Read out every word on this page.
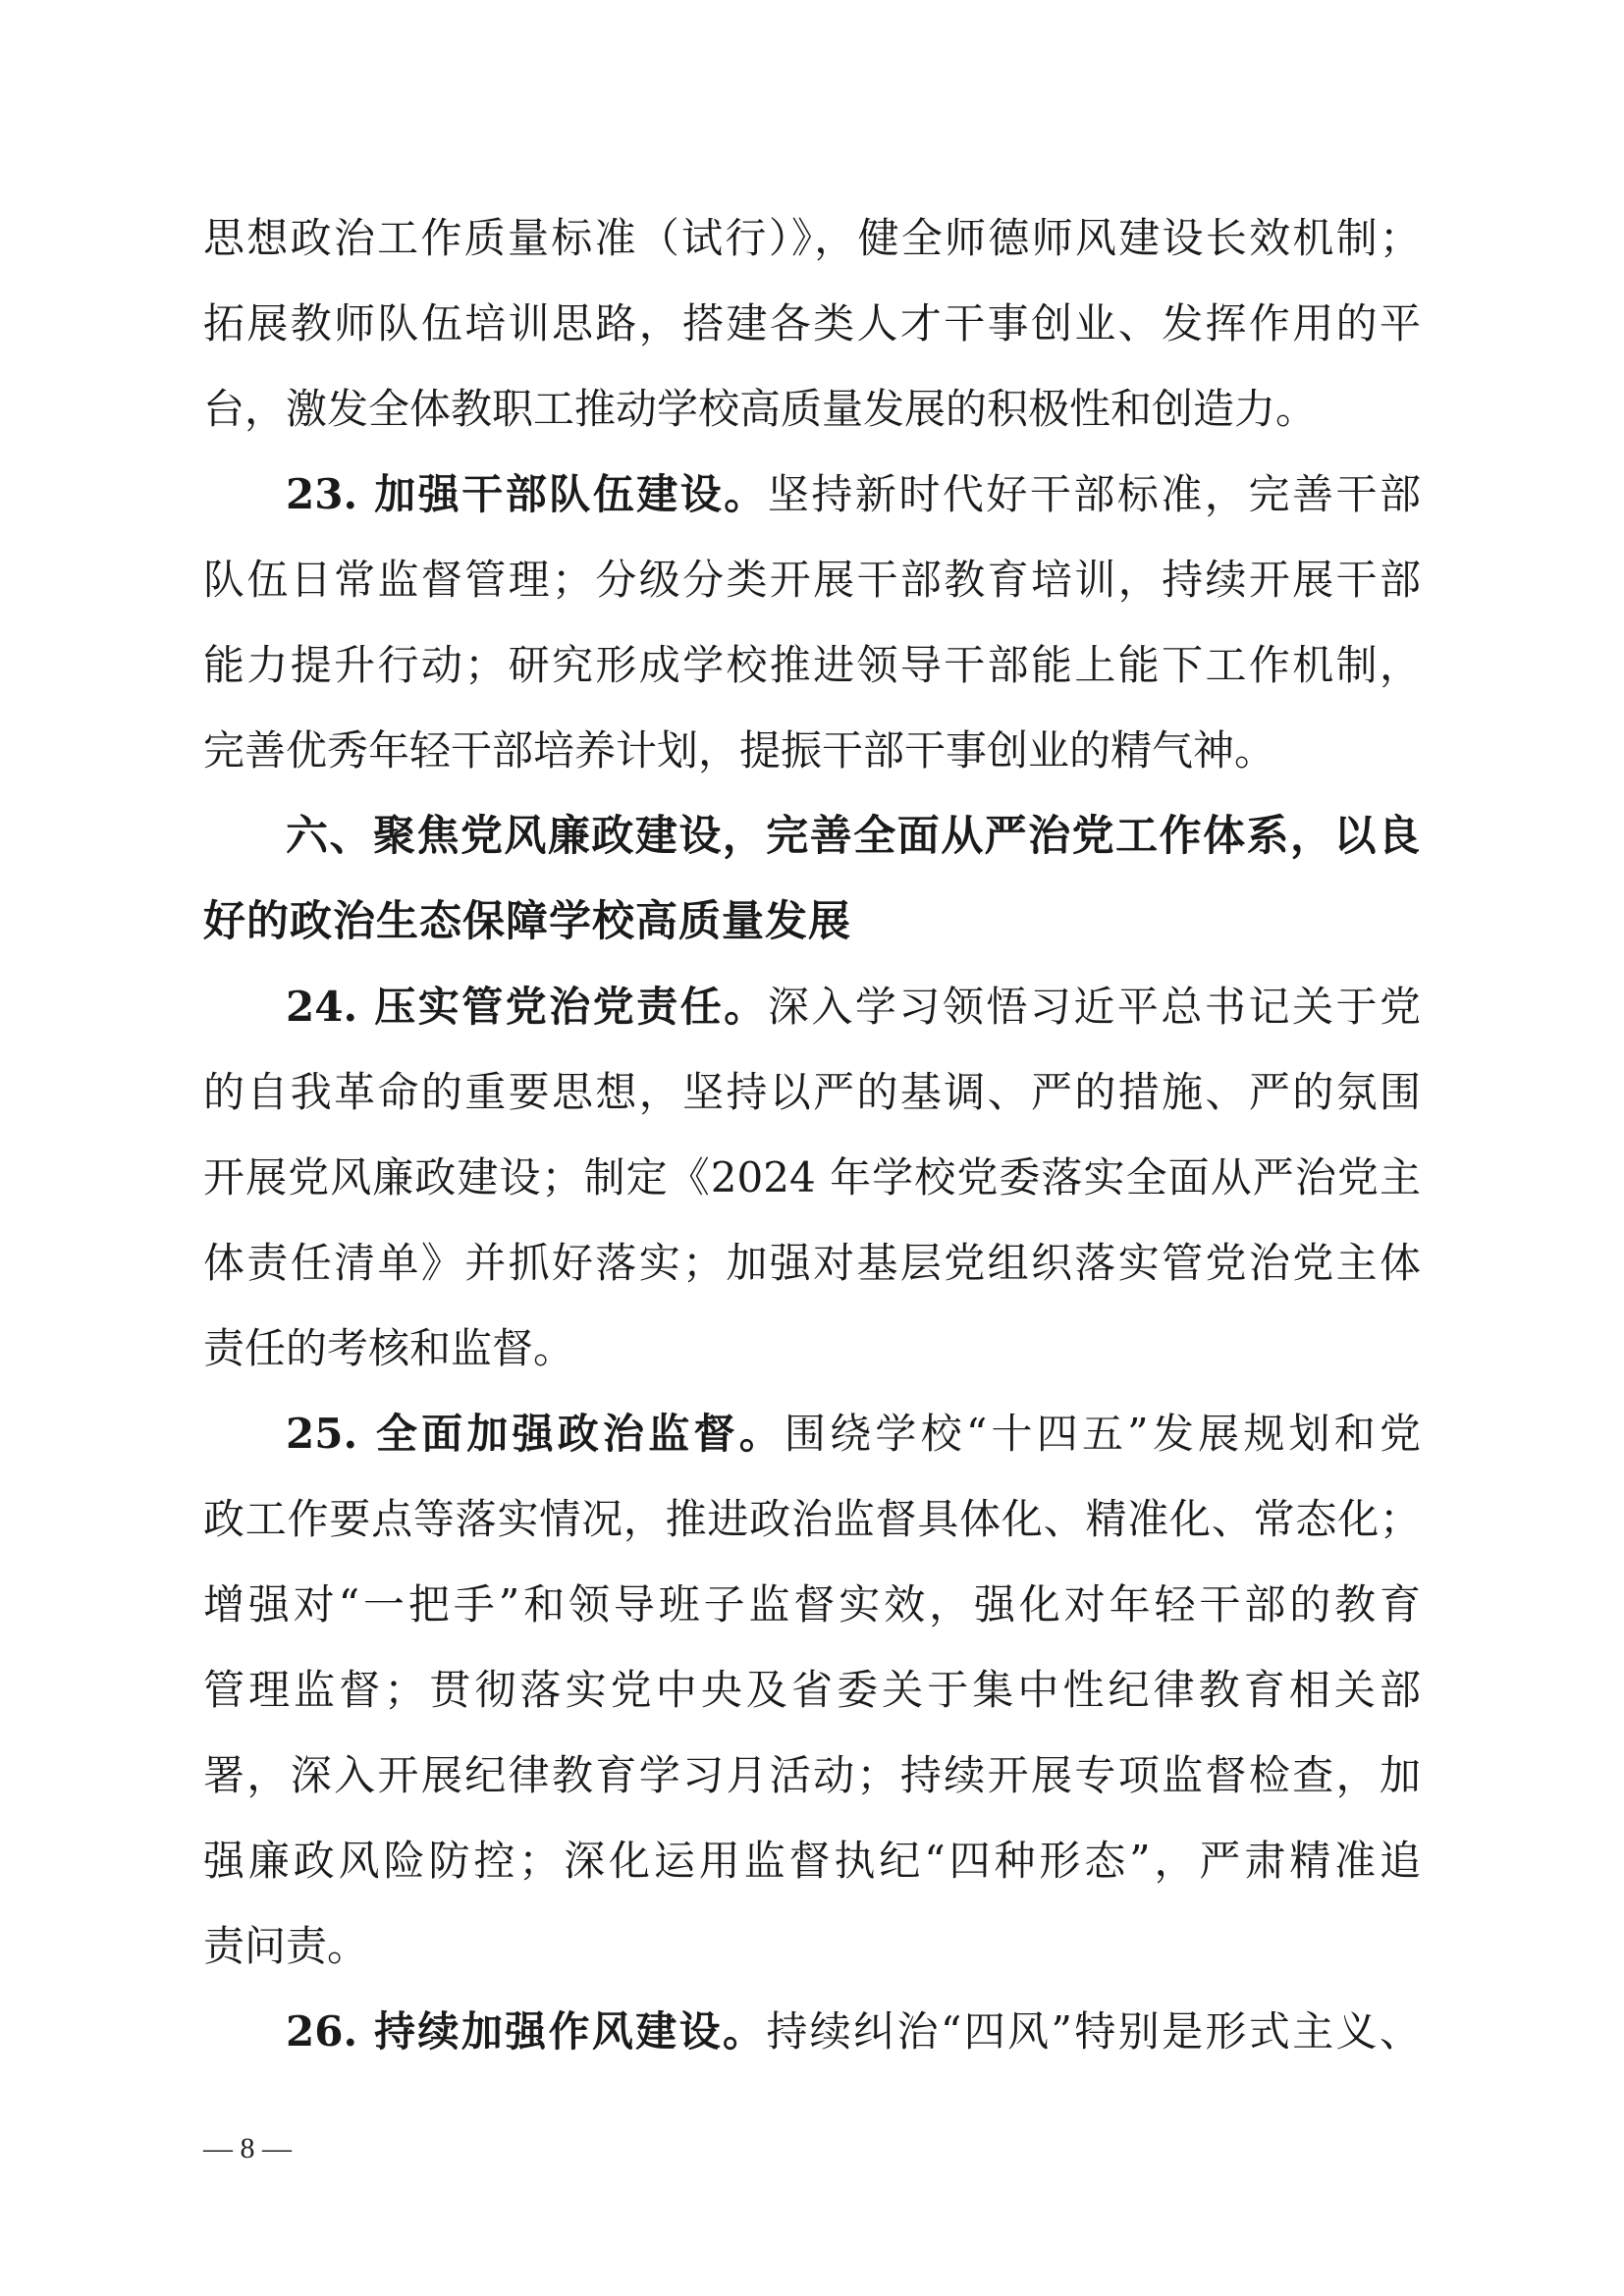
思想政治工作质量标准（试行）》，健全师德师风建设长效机制；
拓展教师队伍培训思路，搭建各类人才干事创业、发挥作用的平
台，激发全体教职工推动学校高质量发展的积极性和创造力。
23. 加强干部队伍建设。坚持新时代好干部标准，完善干部
队伍日常监督管理；分级分类开展干部教育培训，持续开展干部
能力提升行动；研究形成学校推进领导干部能上能下工作机制，
完善优秀年轻干部培养计划，提振干部干事创业的精气神。
六、聚焦党风廉政建设，完善全面从严治党工作体系，以良
好的政治生态保障学校高质量发展
24. 压实管党治党责任。深入学习领悟习近平总书记关于党
的自我革命的重要思想，坚持以严的基调、严的措施、严的氛围
开展党风廉政建设；制定《2024 年学校党委落实全面从严治党主
体责任清单》并抓好落实；加强对基层党组织落实管党治党主体
责任的考核和监督。
25. 全面加强政治监督。围绕学校“十四五”发展规划和党
政工作要点等落实情况，推进政治监督具体化、精准化、常态化；
增强对“一把手”和领导班子监督实效，强化对年轻干部的教育
管理监督；贯彻落实党中央及省委关于集中性纪律教育相关部
署，深入开展纪律教育学习月活动；持续开展专项监督检查，加
强廉政风险防控；深化运用监督执纪“四种形态”，严肃精准追
责问责。
26. 持续加强作风建设。持续纠治“四风”特别是形式主义、
— 8 —
